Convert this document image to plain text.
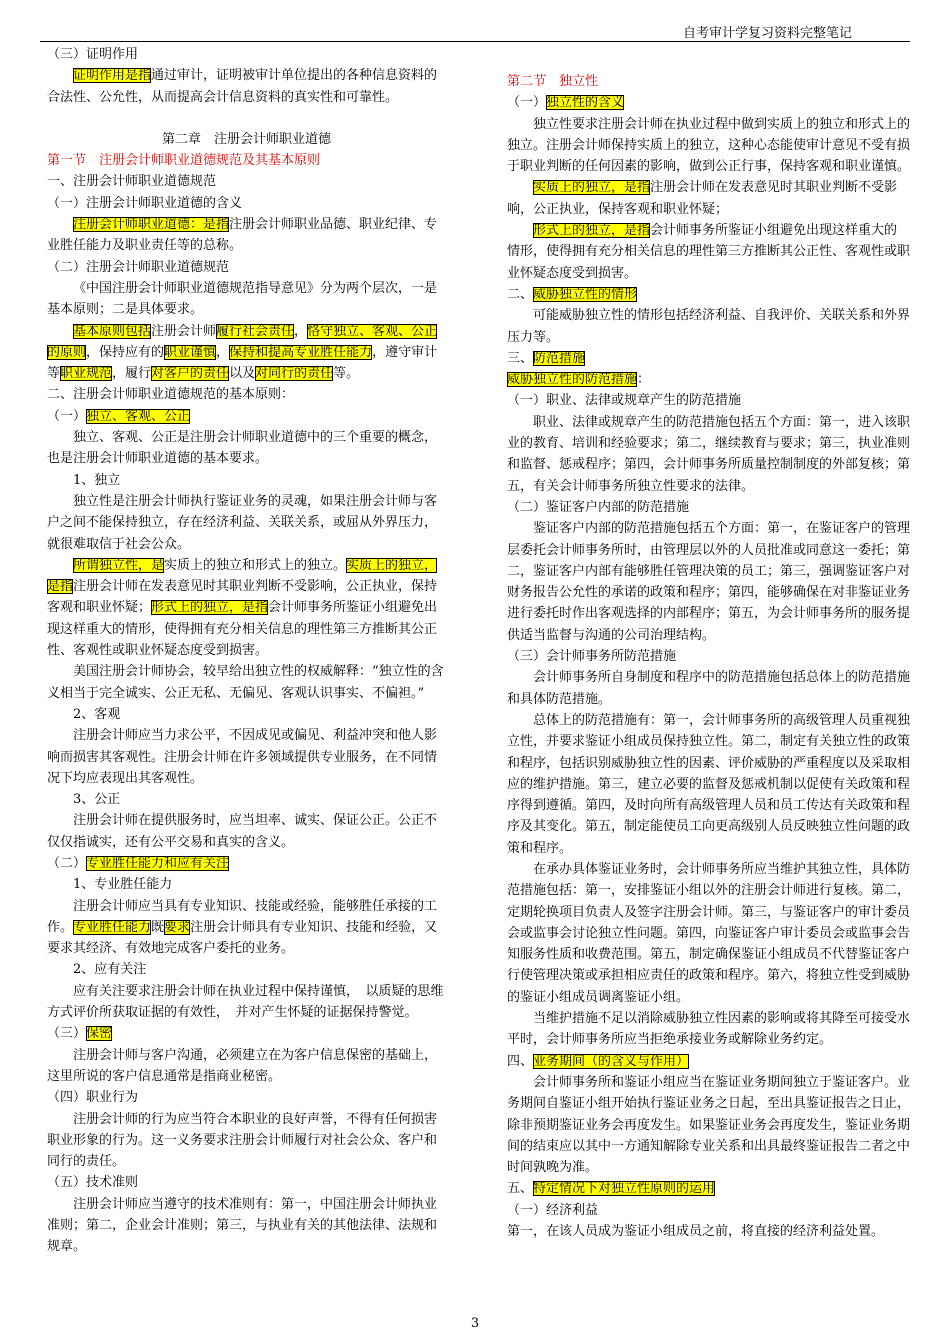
自考审计学复习资料完整笔记

（三）证明作用

证明作用是指通过审计，证明被审计单位提出的各种信息资料的合法性、公允性，从而提高会计信息资料的真实性和可靠性。

第二章　注册会计师职业道德

第一节　注册会计师职业道德规范及其基本原则

一、注册会计师职业道德规范

（一）注册会计师职业道德的含义

注册会计师职业道德：是指注册会计师职业品德、职业纪律、专业胜任能力及职业责任等的总称。

（二）注册会计师职业道德规范

《中国注册会计师职业道德规范指导意见》分为两个层次，一是基本原则；二是具体要求。

基本原则包括注册会计师履行社会责任，恪守独立、客观、公正的原则，保持应有的职业谨慎，保持和提高专业胜任能力，遵守审计等职业规范，履行对客户的责任以及对同行的责任等。

二、注册会计师职业道德规范的基本原则：

（一）独立、客观、公正

独立、客观、公正是注册会计师职业道德中的三个重要的概念，也是注册会计师职业道德的基本要求。

1、独立

独立性是注册会计师执行鉴证业务的灵魂，如果注册会计师与客户之间不能保持独立，存在经济利益、关联关系，或屈从外界压力，就很难取信于社会公众。

所谓独立性，是实质上的独立和形式上的独立。实质上的独立，是指注册会计师在发表意见时其职业判断不受影响，公正执业，保持客观和职业怀疑；形式上的独立，是指会计师事务所鉴证小组避免出现这样重大的情形，使得拥有充分相关信息的理性第三方推断其公正性、客观性或职业怀疑态度受到损害。

美国注册会计师协会，较早给出独立性的权威解释：“独立性的含义相当于完全诚实、公正无私、无偏见、客观认识事实、不偏袒。”

2、客观

注册会计师应当力求公平，不因成见或偏见、利益冲突和他人影响而损害其客观性。注册会计师在许多领域提供专业服务，在不同情况下均应表现出其客观性。

3、公正

注册会计师在提供服务时，应当坦率、诚实、保证公正。公正不仅仅指诚实，还有公平交易和真实的含义。

（二）专业胜任能力和应有关注

1、专业胜任能力

注册会计师应当具有专业知识、技能或经验，能够胜任承接的工作。专业胜任能力既要求注册会计师具有专业知识、技能和经验，又要求其经济、有效地完成客户委托的业务。

2、应有关注

应有关注要求注册会计师在执业过程中保持谨慎，　以质疑的思维方式评价所获取证据的有效性，　并对产生怀疑的证据保持警觉。

（三）保密

注册会计师与客户沟通，必须建立在为客户信息保密的基础上，这里所说的客户信息通常是指商业秘密。

（四）职业行为

注册会计师的行为应当符合本职业的良好声誉，不得有任何损害职业形象的行为。这一义务要求注册会计师履行对社会公众、客户和同行的责任。

（五）技术准则

注册会计师应当遵守的技术准则有：第一，中国注册会计师执业准则；第二，企业会计准则；第三，与执业有关的其他法律、法规和规章。

第二节　独立性

（一）独立性的含义

独立性要求注册会计师在执业过程中做到实质上的独立和形式上的独立。注册会计师保持实质上的独立，这种心态能使审计意见不受有损于职业判断的任何因素的影响，做到公正行事，保持客观和职业谨慎。

实质上的独立，是指注册会计师在发表意见时其职业判断不受影响，公正执业，保持客观和职业怀疑；

形式上的独立，是指会计师事务所鉴证小组避免出现这样重大的情形，使得拥有充分相关信息的理性第三方推断其公正性、客观性或职业怀疑态度受到损害。

二、威胁独立性的情形

可能威胁独立性的情形包括经济利益、自我评价、关联关系和外界压力等。

三、防范措施

威胁独立性的防范措施：

（一）职业、法律或规章产生的防范措施

职业、法律或规章产生的防范措施包括五个方面：第一，进入该职业的教育、培训和经验要求；第二，继续教育与要求；第三，执业准则和监督、惩戒程序；第四，会计师事务所质量控制制度的外部复核；第五，有关会计师事务所独立性要求的法律。

（二）鉴证客户内部的防范措施

鉴证客户内部的防范措施包括五个方面：第一，在鉴证客户的管理层委托会计师事务所时，由管理层以外的人员批准或同意这一委托；第二，鉴证客户内部有能够胜任管理决策的员工；第三，强调鉴证客户对财务报告公允性的承诺的政策和程序；第四，能够确保在对非鉴证业务进行委托时作出客观选择的内部程序；第五，为会计师事务所的服务提供适当监督与沟通的公司治理结构。

（三）会计师事务所防范措施

会计师事务所自身制度和程序中的防范措施包括总体上的防范措施和具体防范措施。

总体上的防范措施有：第一，会计师事务所的高级管理人员重视独立性，并要求鉴证小组成员保持独立性。第二，制定有关独立性的政策和程序，包括识别威胁独立性的因素、评价威胁的严重程度以及采取相应的维护措施。第三，建立必要的监督及惩戒机制以促使有关政策和程序得到遵循。第四，及时向所有高级管理人员和员工传达有关政策和程序及其变化。第五，制定能使员工向更高级别人员反映独立性问题的政策和程序。

在承办具体鉴证业务时，会计师事务所应当维护其独立性，具体防范措施包括：第一，安排鉴证小组以外的注册会计师进行复核。第二，定期轮换项目负责人及签字注册会计师。第三，与鉴证客户的审计委员会或监事会讨论独立性问题。第四，向鉴证客户审计委员会或监事会告知服务性质和收费范围。第五，制定确保鉴证小组成员不代替鉴证客户行使管理决策或承担相应责任的政策和程序。第六，将独立性受到威胁的鉴证小组成员调离鉴证小组。

当维护措施不足以消除威胁独立性因素的影响或将其降至可接受水平时，会计师事务所应当拒绝承接业务或解除业务约定。

四、业务期间（的含义与作用）

会计师事务所和鉴证小组应当在鉴证业务期间独立于鉴证客户。业务期间自鉴证小组开始执行鉴证业务之日起，至出具鉴证报告之日止，除非预期鉴证业务会再度发生。如果鉴证业务会再度发生，鉴证业务期间的结束应以其中一方通知解除专业关系和出具最终鉴证报告二者之中时间孰晚为准。

五、特定情况下对独立性原则的运用

（一）经济利益

第一，在该人员成为鉴证小组成员之前，将直接的经济利益处置。

3
